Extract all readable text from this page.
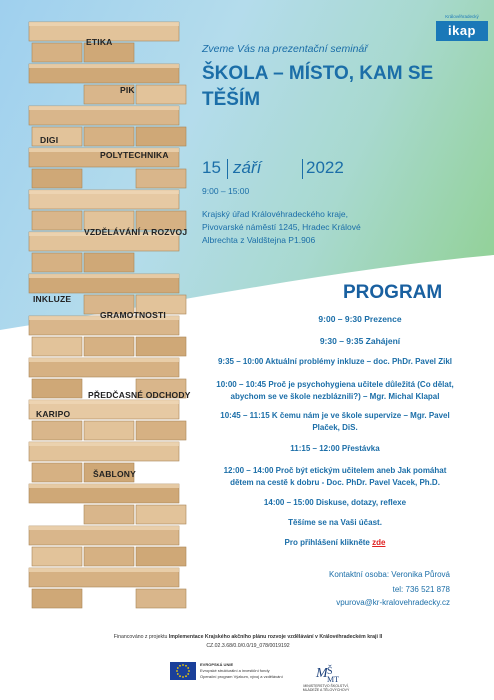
ETIKA
PIK
DIGI
POLYTECHNIKA
VZDĚLÁVÁNÍ A ROZVOJ
INKLUZE
GRAMOTNOSTI
PŘEDČASNÉ ODCHODY
KARIPO
ŠABLONY
Královéhradecký
ikap
Zveme Vás na prezentační seminář
ŠKOLA – MÍSTO, KAM SE
TĚŠÍM
15 září	2022
9:00 – 15:00
Krajský úřad Královéhradeckého kraje,
Pivovarské náměstí 1245, Hradec Králové
Albrechta z Valdštejna P1.906
PROGRAM
9:00 – 9:30 Prezence
9:30 – 9:35 Zahájení
9:35 – 10:00 Aktuální problémy inkluze – doc. PhDr. Pavel Zikl
10:00 – 10:45 Proč je psychohygiena učitele důležitá (Co dělat,
abychom se ve škole nezbláznili?) – Mgr. Michal Klapal
10:45 – 11:15 K čemu nám je ve škole supervize – Mgr. Pavel
Plaček, DiS.
11:15 – 12:00 Přestávka
12:00 – 14:00 Proč být etickým učitelem aneb Jak pomáhat
dětem na cestě k dobru - Doc. PhDr. Pavel Vacek, Ph.D.
14:00 – 15:00 Diskuse, dotazy, reflexe
Těšíme se na Vaši účast.
Pro přihlášení klikněte zde
Kontaktní osoba: Veronika Půrová
tel: 736 521 878
vpurova@kr-kralovehradecky.cz
Financováno z projektu Implementace Krajského akčního plánu rozvoje vzdělávání v Královéhradeckém kraji II
CZ.02.3.68/0.0/0.0/19_078/0019192
EVROPSKÁ UNIE
Evropské strukturální a investiční fondy
Operační program Výzkum, vývoj a vzdělávání M Š
MT
MINISTERSTVO ŠKOLSTVÍ, MLÁDEŽE A TĚLOVÝCHOVY
